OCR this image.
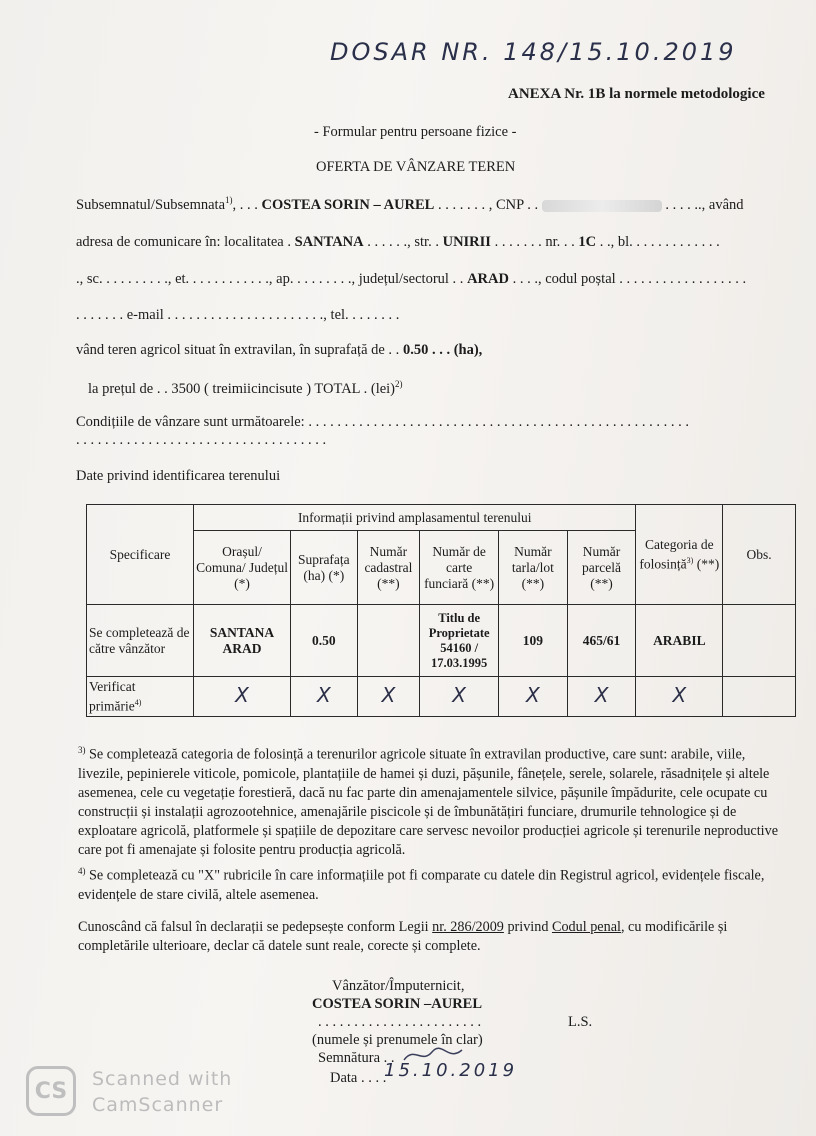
DOSAR NR. 148/15.10.2019
ANEXA Nr. 1B la normele metodologice
- Formular pentru persoane fizice -
OFERTA DE VÂNZARE TEREN
Subsemnatul/Subsemnata$^{1)}$, . . . COSTEA SORIN – AUREL . . . . . . . , CNP . .	. . . . .., având
adresa de comunicare în: localitatea . SANTANA . . . . . ., str. . UNIRII . . . . . . . nr. . . 1C . ., bl. . . . . . . . . . . . .
., sc. . . . . . . . . ., et. . . . . . . . . . . ., ap. . . . . . . . ., județul/sectorul . . ARAD . . . ., codul poștal . . . . . . . . . . . . . . . . . .
. . . . . . . e-mail . . . . . . . . . . . . . . . . . . . . . ., tel. . . . . . . .
vând teren agricol situat în extravilan, în suprafață de . . 0.50 . . . (ha),
la prețul de . . 3500 ( treimiicincisute ) TOTAL . (lei)$^{2)}$
Condițiile de vânzare sunt următoarele: . . . . . . . . . . . . . . . . . . . . . . . . . . . . . . . . . . . . . . . . . . . . . . . . . . . . .
. . . . . . . . . . . . . . . . . . . . . . . . . . . . . . . . . . .
Date privind identificarea terenului
Specificare	Informații privind amplasamentul terenului						Categoria de folosință$^{3)}$ (**)	Obs.
	Orașul/ Comuna/ Județul (*)	Suprafața (ha) (*)	Număr cadastral (**)	Număr de carte funciară (**)	Număr tarla/lot (**)	Număr parcelă (**)		
Se completează de către vânzător	SANTANA ARAD	0.50		Titlu de Proprietate 54160 / 17.03.1995	109	465/61	ARABIL	
Verificat primărie$^{4)}$	X	X	X	X	X	X	X	
$^{3)}$ Se completează categoria de folosință a terenurilor agricole situate în extravilan productive, care sunt: arabile, viile, livezile, pepinierele viticole, pomicole, plantațiile de hamei și duzi, pășunile, fânețele, serele, solarele, răsadnițele și altele asemenea, cele cu vegetație forestieră, dacă nu fac parte din amenajamentele silvice, pășunile împădurite, cele ocupate cu construcții și instalații agrozootehnice, amenajările piscicole și de îmbunătățiri funciare, drumurile tehnologice și de exploatare agricolă, platformele și spațiile de depozitare care servesc nevoilor producției agricole și terenurile neproductive care pot fi amenajate și folosite pentru producția agricolă.
$^{4)}$ Se completează cu "X" rubricile în care informațiile pot fi comparate cu datele din Registrul agricol, evidențele fiscale, evidențele de stare civilă, altele asemenea.
Cunoscând că falsul în declarații se pedepsește conform Legii nr. 286/2009 privind Codul penal, cu modificările și completările ulterioare, declar că datele sunt reale, corecte și complete.
Vânzător/Împuternicit,
COSTEA SORIN –AUREL
. . . . . . . . . . . . . . . . . . . . . . .	L.S.
(numele și prenumele în clar)
Semnătura . .
Data . . . .
15.10.2019
CS	Scanned with
CamScanner
